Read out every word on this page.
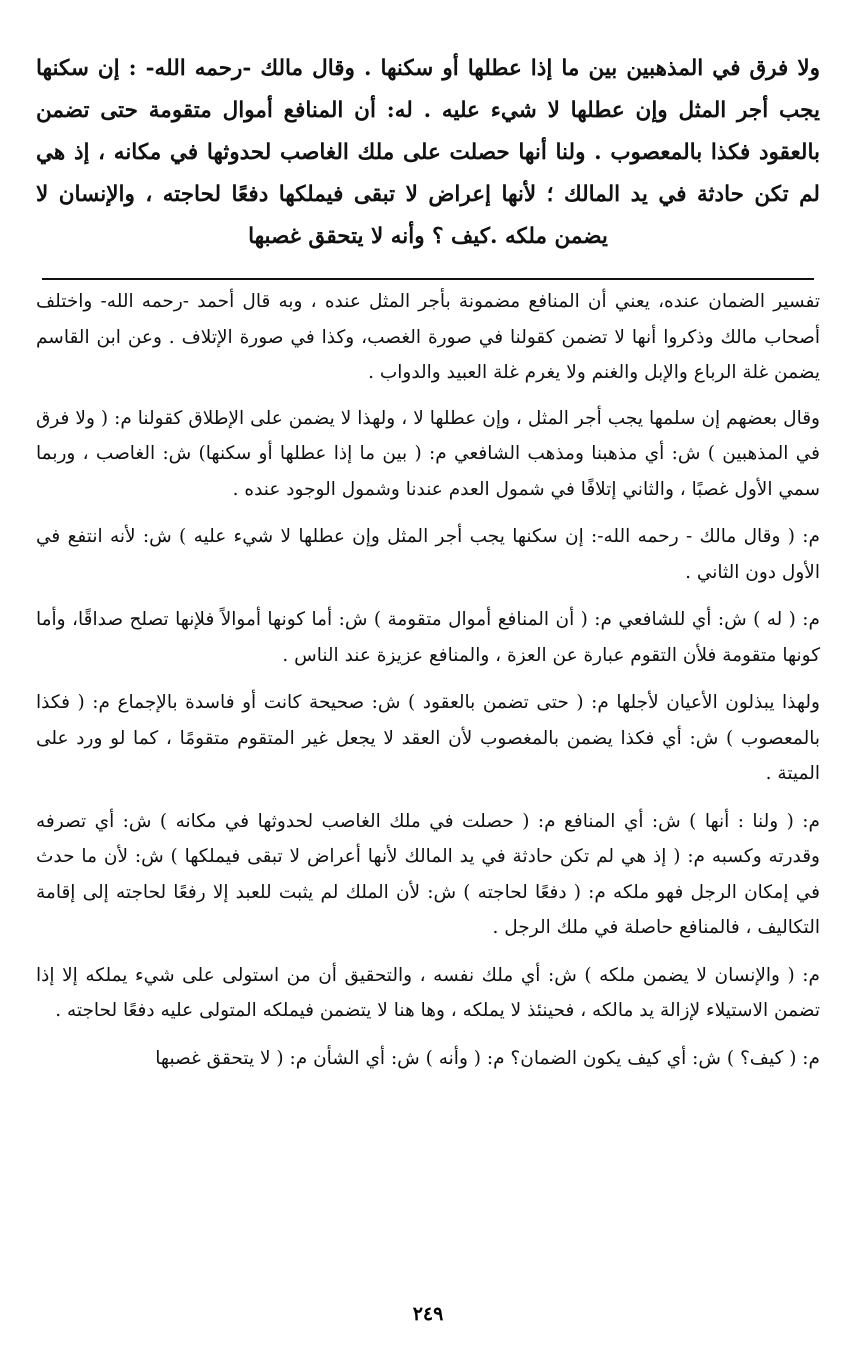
ولا فرق في المذهبين بين ما إذا عطلها أو سكنها . وقال مالك -رحمه الله- : إن سكنها يجب أجر المثل وإن عطلها لا شيء عليه . له: أن المنافع أموال متقومة حتى تضمن بالعقود فكذا بالمعصوب . ولنا أنها حصلت على ملك الغاصب لحدوثها في مكانه ، إذ هي لم تكن حادثة في يد المالك ؛ لأنها إعراض لا تبقى فيملكها دفعًا لحاجته ، والإنسان لا يضمن ملكه .كيف ؟ وأنه لا يتحقق غصبها

تفسير الضمان عنده، يعني أن المنافع مضمونة بأجر المثل عنده ، وبه قال أحمد -رحمه الله- واختلف أصحاب مالك وذكروا أنها لا تضمن كقولنا في صورة الغصب، وكذا في صورة الإتلاف . وعن ابن القاسم يضمن غلة الرباع والإبل والغنم ولا يغرم غلة العبيد والدواب .

وقال بعضهم إن سلمها يجب أجر المثل ، وإن عطلها لا ، ولهذا لا يضمن على الإطلاق كقولنا م: ( ولا فرق في المذهبين ) ش: أي مذهبنا ومذهب الشافعي م: ( بين ما إذا عطلها أو سكنها) ش: الغاصب ، وربما سمي الأول غصبًا ، والثاني إتلافًا في شمول العدم عندنا وشمول الوجود عنده .

م: ( وقال مالك - رحمه الله-: إن سكنها يجب أجر المثل وإن عطلها لا شيء عليه ) ش: لأنه انتفع في الأول دون الثاني .

م: ( له ) ش: أي للشافعي م: ( أن المنافع أموال متقومة ) ش: أما كونها أموالاً فلإنها تصلح صداقًا، وأما كونها متقومة فلأن التقوم عبارة عن العزة ، والمنافع عزيزة عند الناس .

ولهذا يبذلون الأعيان لأجلها م: ( حتى تضمن بالعقود ) ش: صحيحة كانت أو فاسدة بالإجماع م: ( فكذا بالمعصوب ) ش: أي فكذا يضمن بالمغصوب لأن العقد لا يجعل غير المتقوم متقومًا ، كما لو ورد على الميتة .

م: ( ولنا : أنها ) ش: أي المنافع م: ( حصلت في ملك الغاصب لحدوثها في مكانه ) ش: أي تصرفه وقدرته وكسبه م: ( إذ هي لم تكن حادثة في يد المالك لأنها أعراض لا تبقى فيملكها ) ش: لأن ما حدث في إمكان الرجل فهو ملكه م: ( دفعًا لحاجته ) ش: لأن الملك لم يثبت للعبد إلا رفعًا لحاجته إلى إقامة التكاليف ، فالمنافع حاصلة في ملك الرجل .

م: ( والإنسان لا يضمن ملكه ) ش: أي ملك نفسه ، والتحقيق أن من استولى على شيء يملكه إلا إذا تضمن الاستيلاء لإزالة يد مالكه ، فحينئذ لا يملكه ، وها هنا لا يتضمن فيملكه المتولى عليه دفعًا لحاجته .

م: ( كيف؟ ) ش: أي كيف يكون الضمان؟ م: ( وأنه ) ش: أي الشأن م: ( لا يتحقق غصبها

٢٤٩
